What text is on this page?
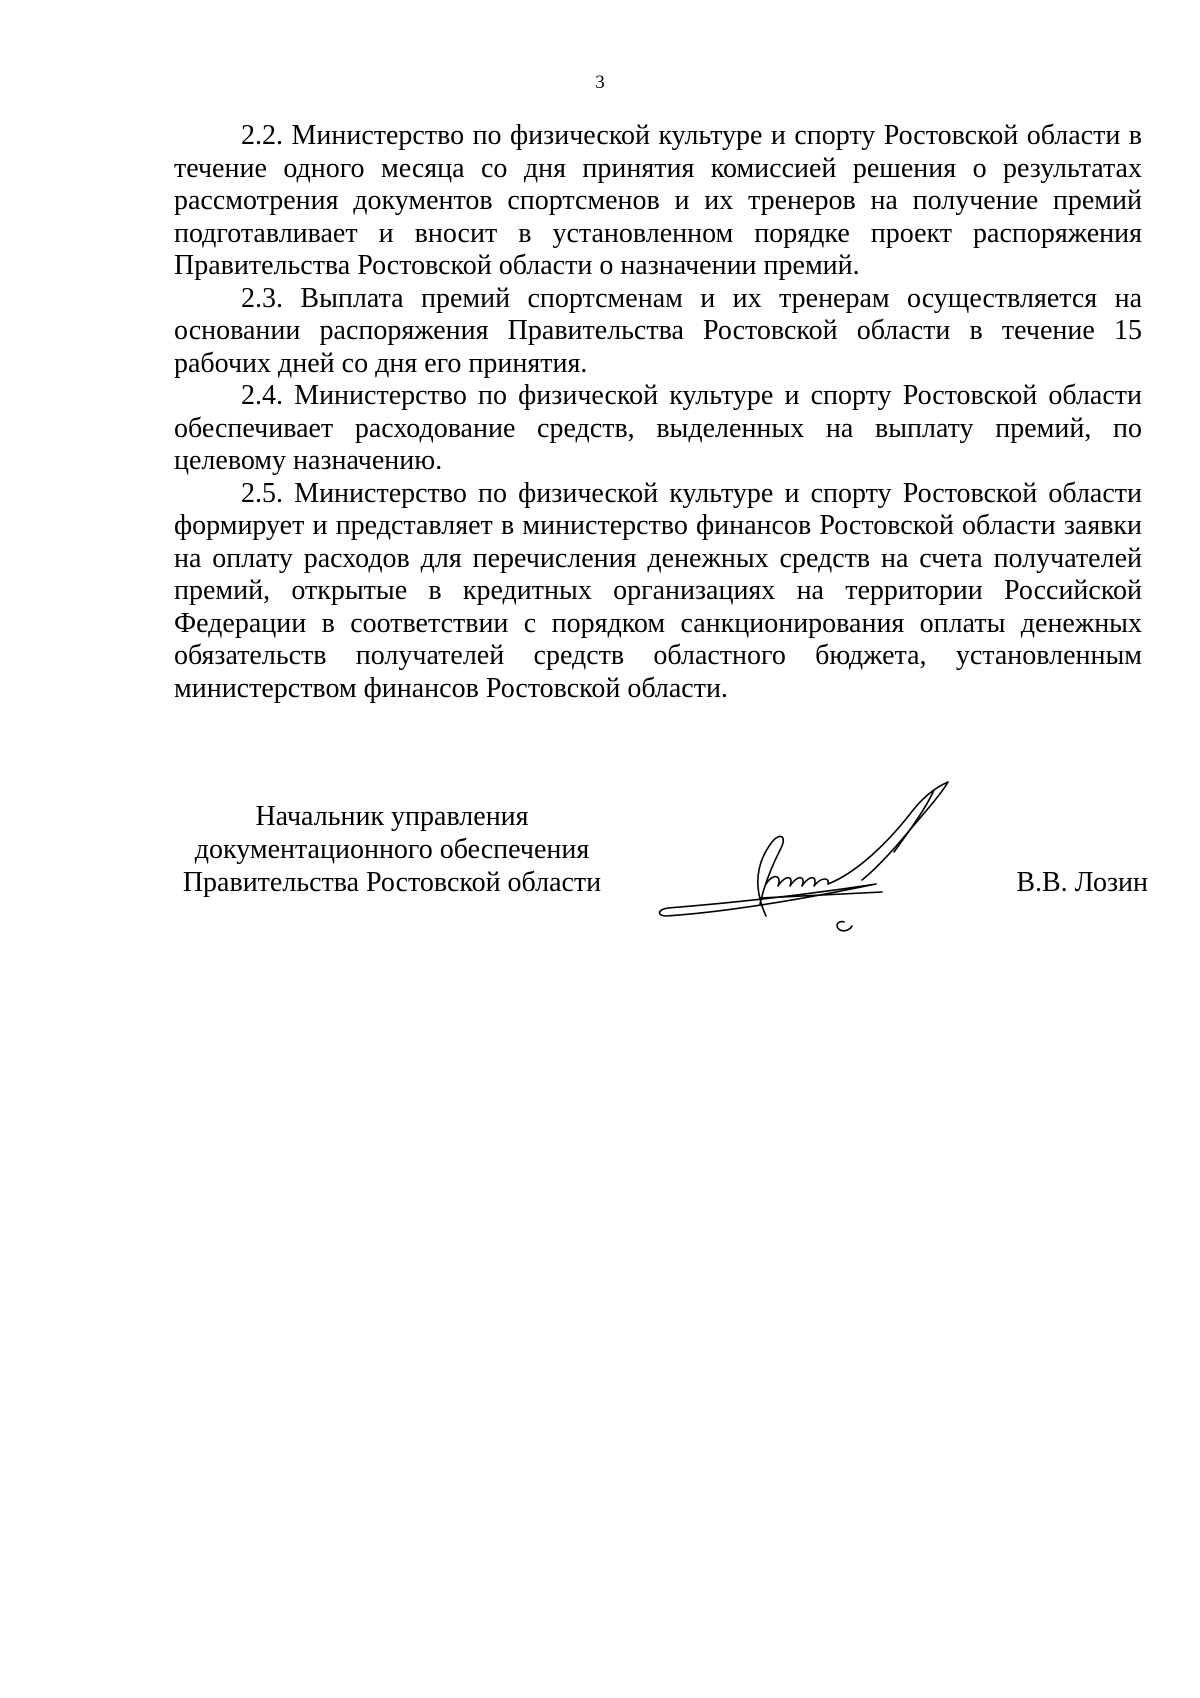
3

2.2. Министерство по физической культуре и спорту Ростовской области в течение одного месяца со дня принятия комиссией решения о результатах рассмотрения документов спортсменов и их тренеров на получение премий подготавливает и вносит в установленном порядке проект распоряжения Правительства Ростовской области о назначении премий.

2.3. Выплата премий спортсменам и их тренерам осуществляется на основании распоряжения Правительства Ростовской области в течение 15 рабочих дней со дня его принятия.

2.4. Министерство по физической культуре и спорту Ростовской области обеспечивает расходование средств, выделенных на выплату премий, по целевому назначению.

2.5. Министерство по физической культуре и спорту Ростовской области формирует и представляет в министерство финансов Ростовской области заявки на оплату расходов для перечисления денежных средств на счета получателей премий, открытые в кредитных организациях на территории Российской Федерации в соответствии с порядком санкционирования оплаты денежных обязательств получателей средств областного бюджета, установленным министерством финансов Ростовской области.

Начальник управления
документационного обеспечения
Правительства Ростовской области	В.В. Лозин
